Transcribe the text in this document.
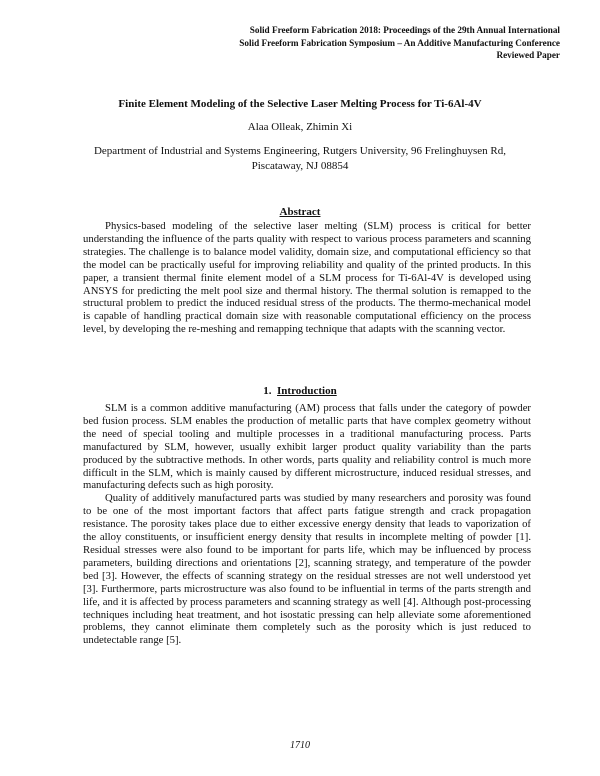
Solid Freeform Fabrication 2018: Proceedings of the 29th Annual International
Solid Freeform Fabrication Symposium – An Additive Manufacturing Conference
Reviewed Paper
Finite Element Modeling of the Selective Laser Melting Process for Ti-6Al-4V
Alaa Olleak, Zhimin Xi
Department of Industrial and Systems Engineering, Rutgers University, 96 Frelinghuysen Rd, Piscataway, NJ 08854
Abstract

Physics-based modeling of the selective laser melting (SLM) process is critical for better understanding the influence of the parts quality with respect to various process parameters and scanning strategies. The challenge is to balance model validity, domain size, and computational efficiency so that the model can be practically useful for improving reliability and quality of the printed products. In this paper, a transient thermal finite element model of a SLM process for Ti-6Al-4V is developed using ANSYS for predicting the melt pool size and thermal history. The thermal solution is remapped to the structural problem to predict the induced residual stress of the products. The thermo-mechanical model is capable of handling practical domain size with reasonable computational efficiency on the process level, by developing the re-meshing and remapping technique that adapts with the scanning vector.

1. Introduction

SLM is a common additive manufacturing (AM) process that falls under the category of powder bed fusion process. SLM enables the production of metallic parts that have complex geometry without the need of special tooling and multiple processes in a traditional manufacturing process. Parts manufactured by SLM, however, usually exhibit larger product quality variability than the parts produced by the subtractive methods. In other words, parts quality and reliability control is much more difficult in the SLM, which is mainly caused by different microstructure, induced residual stresses, and manufacturing defects such as high porosity.

Quality of additively manufactured parts was studied by many researchers and porosity was found to be one of the most important factors that affect parts fatigue strength and crack propagation resistance. The porosity takes place due to either excessive energy density that leads to vaporization of the alloy constituents, or insufficient energy density that results in incomplete melting of powder [1]. Residual stresses were also found to be important for parts life, which may be influenced by process parameters, building directions and orientations [2], scanning strategy, and temperature of the powder bed [3]. However, the effects of scanning strategy on the residual stresses are not well understood yet [3]. Furthermore, parts microstructure was also found to be influential in terms of the parts strength and life, and it is affected by process parameters and scanning strategy as well [4]. Although post-processing techniques including heat treatment, and hot isostatic pressing can help alleviate some aforementioned problems, they cannot eliminate them completely such as the porosity which is just reduced to undetectable range [5].

1710
